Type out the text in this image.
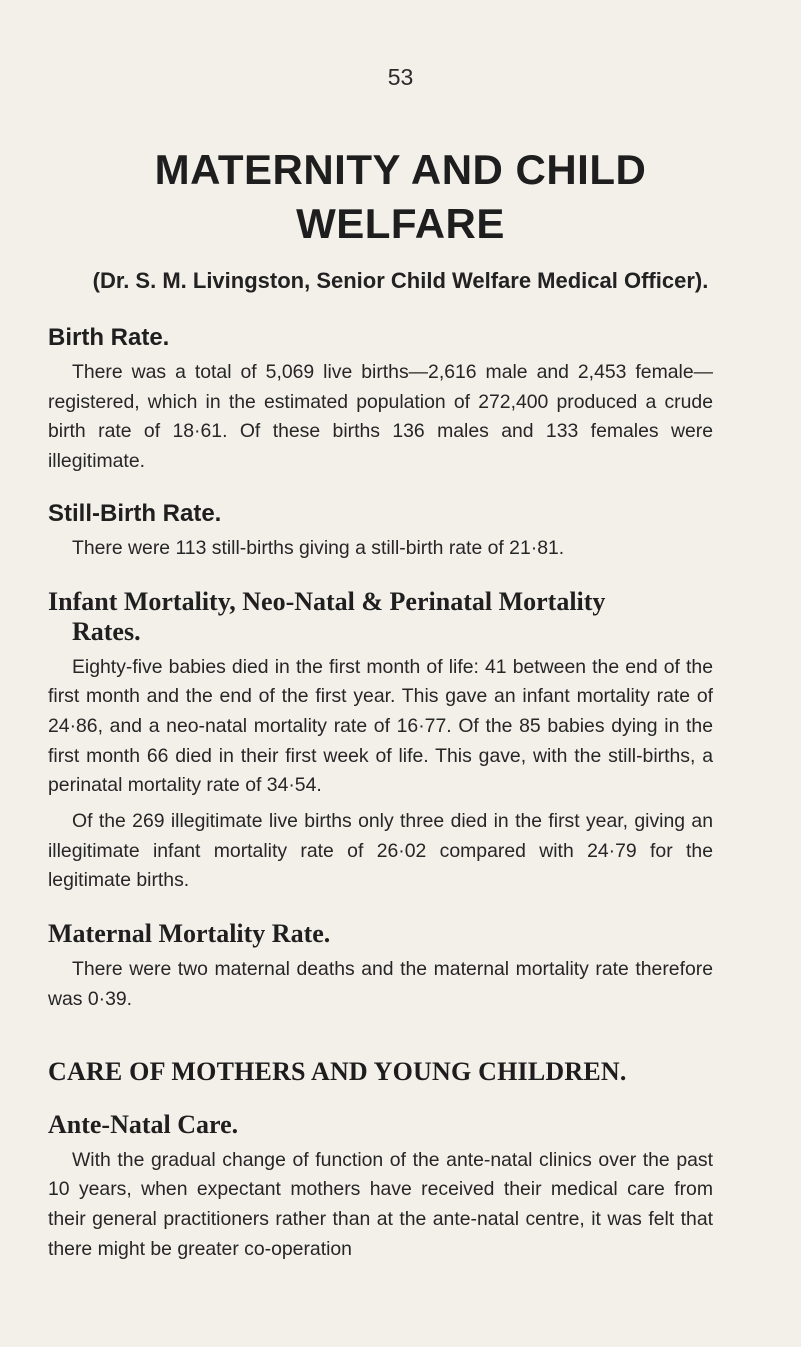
53
MATERNITY AND CHILD
WELFARE
(Dr. S. M. Livingston, Senior Child Welfare Medical Officer).
Birth Rate.

There was a total of 5,069 live births—2,616 male and 2,453 female—registered, which in the estimated population of 272,400 produced a crude birth rate of 18·61. Of these births 136 males and 133 females were illegitimate.

Still-Birth Rate.

There were 113 still-births giving a still-birth rate of 21·81.

Infant Mortality, Neo-Natal & Perinatal Mortality
Rates.

Eighty-five babies died in the first month of life: 41 between the end of the first month and the end of the first year. This gave an infant mortality rate of 24·86, and a neo-natal mortality rate of 16·77. Of the 85 babies dying in the first month 66 died in their first week of life. This gave, with the still-births, a perinatal mortality rate of 34·54.

Of the 269 illegitimate live births only three died in the first year, giving an illegitimate infant mortality rate of 26·02 compared with 24·79 for the legitimate births.

Maternal Mortality Rate.

There were two maternal deaths and the maternal mortality rate therefore was 0·39.

CARE OF MOTHERS AND YOUNG CHILDREN.
Ante-Natal Care.

With the gradual change of function of the ante-natal clinics over the past 10 years, when expectant mothers have received their medical care from their general practitioners rather than at the ante-natal centre, it was felt that there might be greater co-operation
